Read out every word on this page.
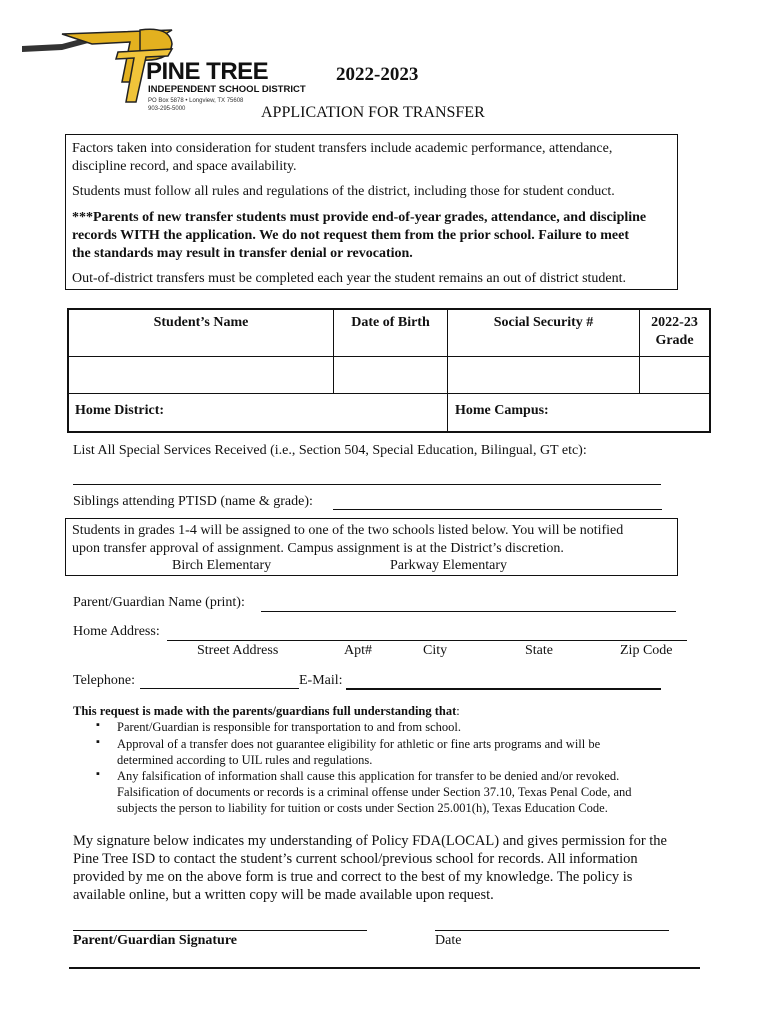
PINE TREE
INDEPENDENT SCHOOL DISTRICT
PO Box 5878 • Longview, TX 75608
903-295-5000
2022-2023
APPLICATION FOR TRANSFER

Factors taken into consideration for student transfers include academic performance, attendance,

discipline record, and space availability.

Students must follow all rules and regulations of the district, including those for student conduct.

***Parents of new transfer students must provide end-of-year grades, attendance, and discipline

records WITH the application. We do not request them from the prior school. Failure to meet

the standards may result in transfer denial or revocation.

Out-of-district transfers must be completed each year the student remains an out of district student.

Student’s Name	Date of Birth	Social Security #	2022-23
Grade
Home District:	Home Campus:
List All Special Services Received (i.e., Section 504, Special Education, Bilingual, GT etc):
Siblings attending PTISD (name & grade):
Students in grades 1-4 will be assigned to one of the two schools listed below. You will be notified
upon transfer approval of assignment. Campus assignment is at the District’s discretion.
Birch Elementary	Parkway Elementary
Parent/Guardian Name (print):
Home Address:
Street Address	Apt#	City	State	Zip Code
Telephone:	E-Mail:
This request is made with the parents/guardians full understanding that:
▪ Parent/Guardian is responsible for transportation to and from school.
▪ Approval of a transfer does not guarantee eligibility for athletic or fine arts programs and will be
determined according to UIL rules and regulations.
▪ Any falsification of information shall cause this application for transfer to be denied and/or revoked.
Falsification of documents or records is a criminal offense under Section 37.10, Texas Penal Code, and
subjects the person to liability for tuition or costs under Section 25.001(h), Texas Education Code.
My signature below indicates my understanding of Policy FDA(LOCAL) and gives permission for the
Pine Tree ISD to contact the student’s current school/previous school for records. All information
provided by me on the above form is true and correct to the best of my knowledge. The policy is
available online, but a written copy will be made available upon request.
Parent/Guardian Signature	Date
